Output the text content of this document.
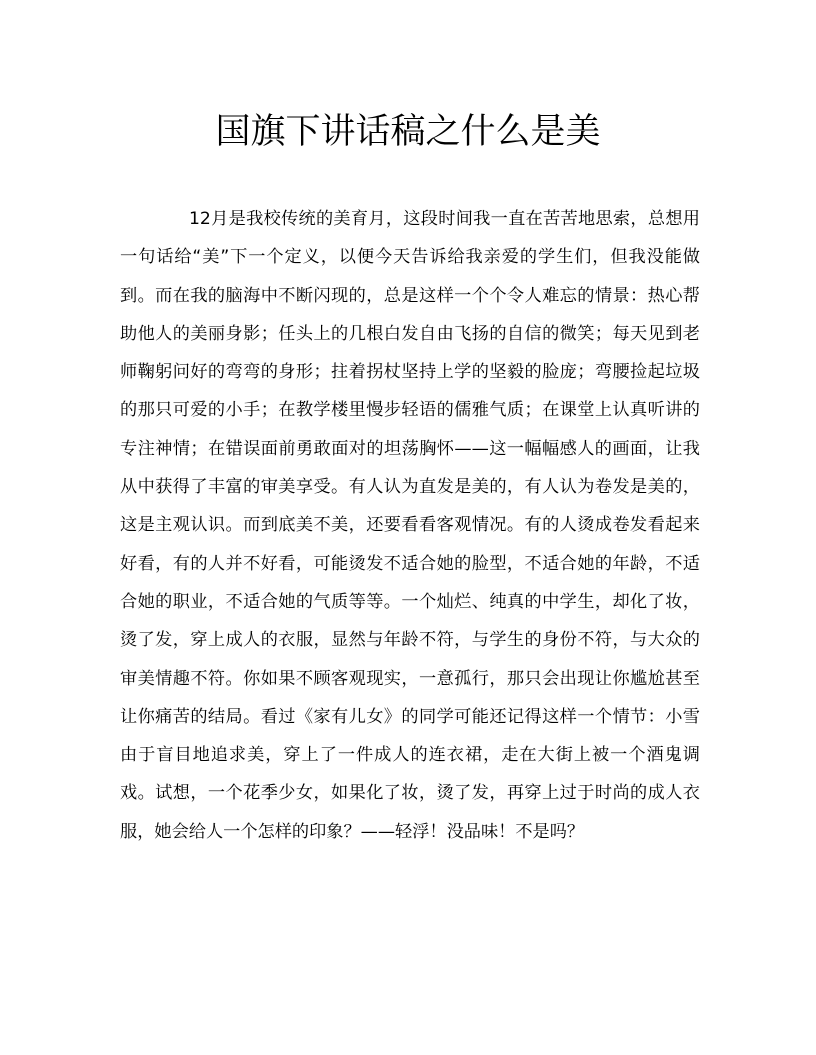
国旗下讲话稿之什么是美

12月是我校传统的美育月，这段时间我一直在苦苦地思索，总想用一句话给“美”下一个定义，以便今天告诉给我亲爱的学生们，但我没能做到。而在我的脑海中不断闪现的，总是这样一个个令人难忘的情景：热心帮助他人的美丽身影；任头上的几根白发自由飞扬的自信的微笑；每天见到老师鞠躬问好的弯弯的身形；拄着拐杖坚持上学的坚毅的脸庞；弯腰捡起垃圾的那只可爱的小手；在教学楼里慢步轻语的儒雅气质；在课堂上认真听讲的专注神情；在错误面前勇敢面对的坦荡胸怀——这一幅幅感人的画面，让我从中获得了丰富的审美享受。有人认为直发是美的，有人认为卷发是美的，这是主观认识。而到底美不美，还要看看客观情况。有的人烫成卷发看起来好看，有的人并不好看，可能烫发不适合她的脸型，不适合她的年龄，不适合她的职业，不适合她的气质等等。一个灿烂、纯真的中学生，却化了妆，烫了发，穿上成人的衣服，显然与年龄不符，与学生的身份不符，与大众的审美情趣不符。你如果不顾客观现实，一意孤行，那只会出现让你尴尬甚至让你痛苦的结局。看过《家有儿女》的同学可能还记得这样一个情节：小雪由于盲目地追求美，穿上了一件成人的连衣裙，走在大街上被一个酒鬼调戏。试想，一个花季少女，如果化了妆，烫了发，再穿上过于时尚的成人衣服，她会给人一个怎样的印象？——轻浮！没品味！不是吗？
